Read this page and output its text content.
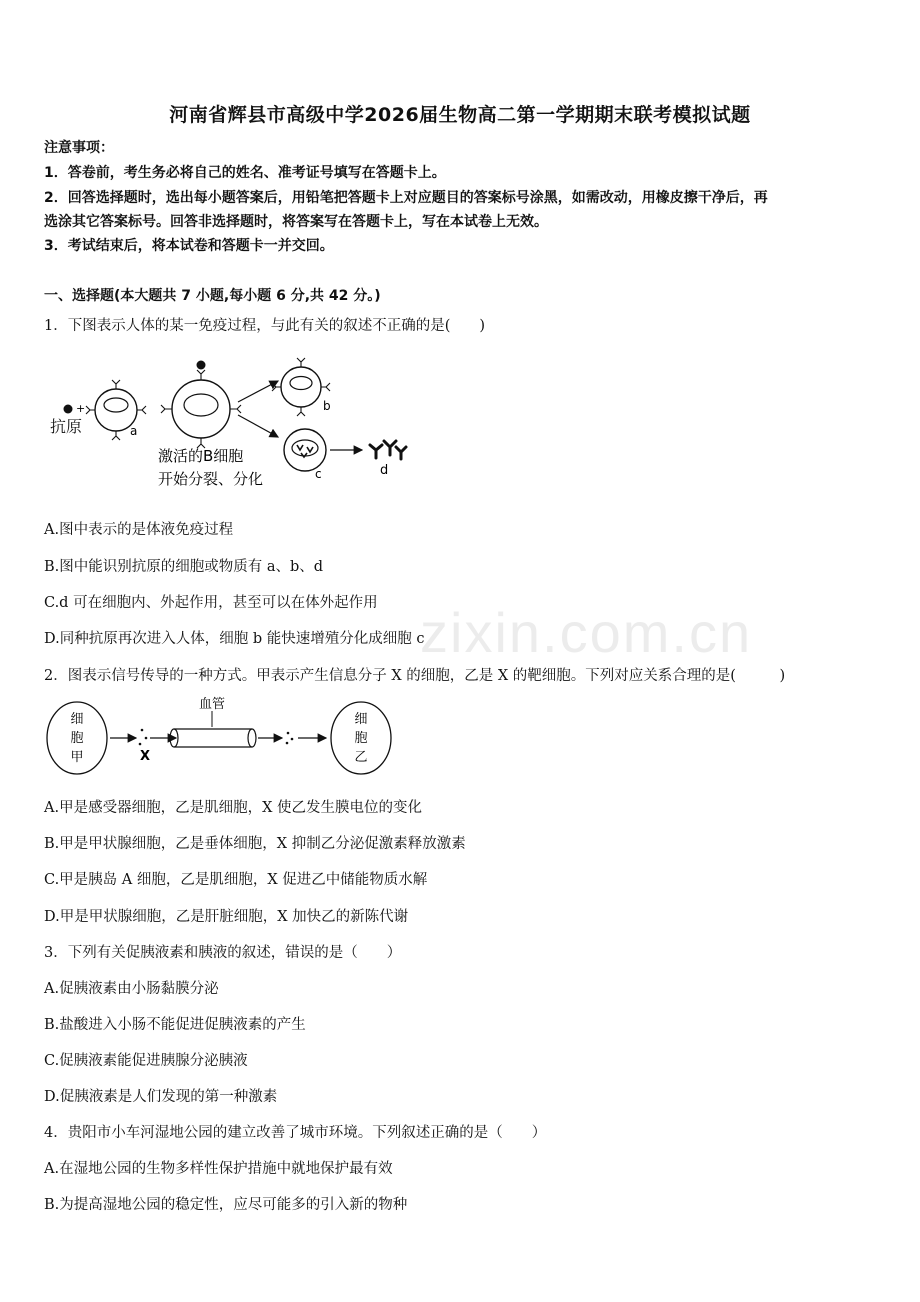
zixin.com.cn
河南省辉县市高级中学2026届生物高二第一学期期末联考模拟试题
注意事项：
1．答卷前，考生务必将自己的姓名、准考证号填写在答题卡上。
2．回答选择题时，选出每小题答案后，用铅笔把答题卡上对应题目的答案标号涂黑，如需改动，用橡皮擦干净后，再
选涂其它答案标号。回答非选择题时，将答案写在答题卡上，写在本试卷上无效。
3．考试结束后，将本试卷和答题卡一并交回。
一、选择题(本大题共 7 小题,每小题 6 分,共 42 分。)
1．下图表示人体的某一免疫过程，与此有关的叙述不正确的是(　　)
+
抗原	a
b
c	d
激活的B细胞
开始分裂、分化
A.图中表示的是体液免疫过程
B.图中能识别抗原的细胞或物质有 a、b、d
C.d 可在细胞内、外起作用，甚至可以在体外起作用
D.同种抗原再次进入人体，细胞 b 能快速增殖分化成细胞 c
2．图表示信号传导的一种方式。甲表示产生信息分子 X 的细胞，乙是 X 的靶细胞。下列对应关系合理的是(　　　)
细
胞
甲	X
血管
细
胞
乙
A.甲是感受器细胞，乙是肌细胞，X 使乙发生膜电位的变化
B.甲是甲状腺细胞，乙是垂体细胞，X 抑制乙分泌促激素释放激素
C.甲是胰岛 A 细胞，乙是肌细胞，X 促进乙中储能物质水解
D.甲是甲状腺细胞，乙是肝脏细胞，X 加快乙的新陈代谢
3．下列有关促胰液素和胰液的叙述，错误的是（　　）
A.促胰液素由小肠黏膜分泌
B.盐酸进入小肠不能促进促胰液素的产生
C.促胰液素能促进胰腺分泌胰液
D.促胰液素是人们发现的第一种激素
4．贵阳市小车河湿地公园的建立改善了城市环境。下列叙述正确的是（　　）
A.在湿地公园的生物多样性保护措施中就地保护最有效
B.为提高湿地公园的稳定性，应尽可能多的引入新的物种
